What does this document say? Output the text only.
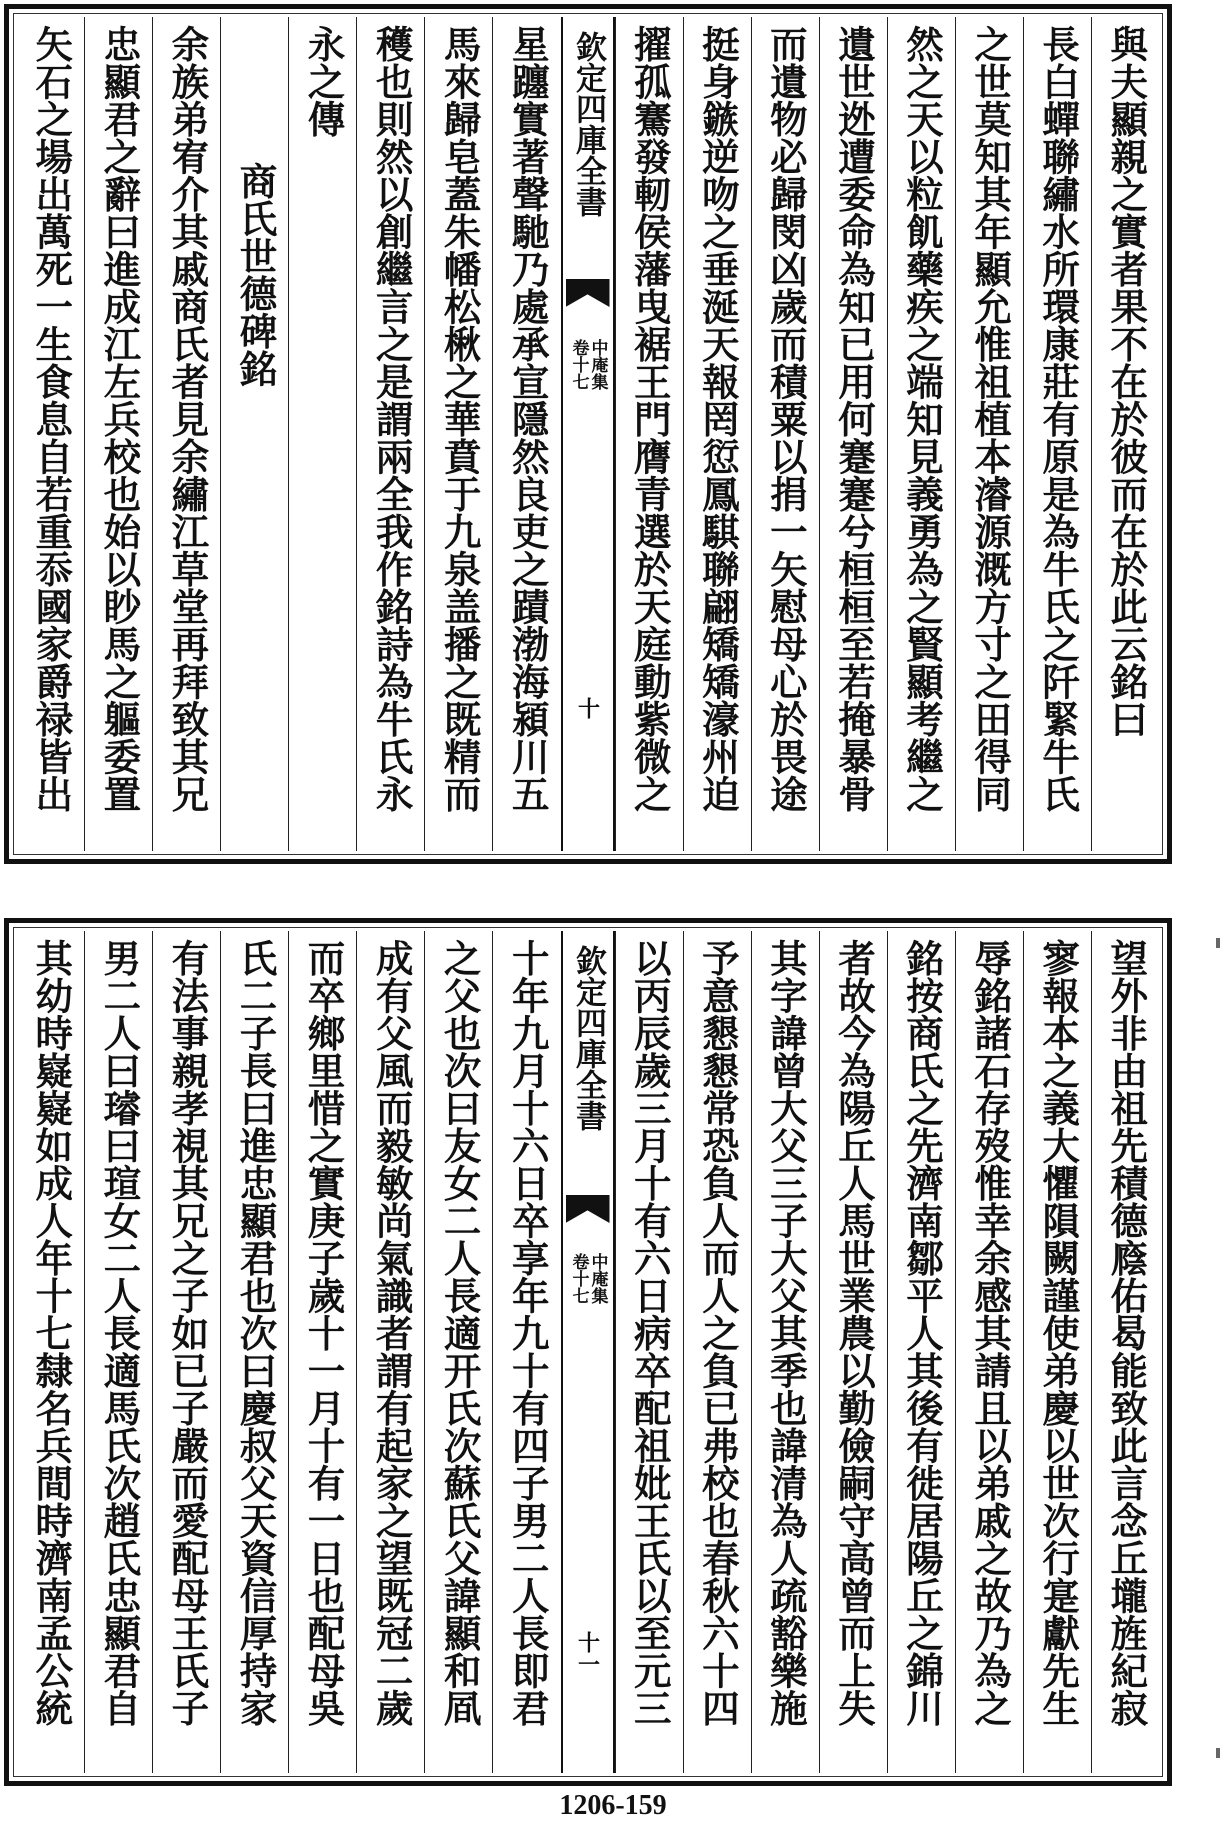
與夫顯親之實者果不在於彼而在於此云銘曰
長白蟬聯繡水所環康莊有原是為牛氏之阡緊牛氏
之世莫知其年顯允惟祖植本濬源溉方寸之田得同
然之天以粒飢藥疾之端知見義勇為之賢顯考繼之
遺世迯遭委命為知已用何蹇蹇兮桓桓至若掩暴骨
而遺物必歸閔凶歲而積粟以捐一矢慰母心於畏途
挺身鏃逆吻之垂涎天報罔愆鳳騏聯翩矯矯濠州迫
擢孤騫發軔侯藩曳裾王門膺青選於天庭動紫微之
欽定四庫全書
中庵集
卷十七
十
星躔實著聲馳乃處承宣隱然良吏之蹟渤海潁川五
馬來歸皂蓋朱幡松楸之華賁于九泉盖播之既精而
穫也則然以創繼言之是謂兩全我作銘詩為牛氏永
永之傳
商氏世德碑銘
余族弟宥介其戚商氏者見余繡江草堂再拜致其兄
忠顯君之辭曰進成江左兵校也始以眇馬之軀委置
矢石之場出萬死一生食息自若重忝國家爵禄皆出
望外非由祖先積德廕佑曷能致此言念丘壠旌紀寂
寥報本之義大懼隕闕謹使弟慶以世次行寔獻先生
辱銘諸石存歿惟幸余感其請且以弟戚之故乃為之
銘按商氏之先濟南鄒平人其後有徙居陽丘之錦川
者故今為陽丘人馬世業農以勤儉嗣守高曾而上失
其字諱曾大父三子大父其季也諱清為人疏豁樂施
予意懇懇常恐負人而人之負已弗校也春秋六十四
以丙辰歲三月十有六日病卒配祖妣王氏以至元三
欽定四庫全書
中庵集
卷十七
十一
十年九月十六日卒享年九十有四子男二人長即君
之父也次曰友女二人長適开氏次蘇氏父諱顯和凮
成有父風而毅敏尚氣識者謂有起家之望既冠二歲
而卒鄉里惜之實庚子歲十一月十有一日也配母吳
氏二子長曰進忠顯君也次曰慶叔父天資信厚持家
有法事親孝視其兄之子如已子嚴而愛配母王氏子
男二人曰璿曰瑄女二人長適馬氏次趙氏忠顯君自
其幼時嶷嶷如成人年十七隸名兵間時濟南孟公統
1206-159
